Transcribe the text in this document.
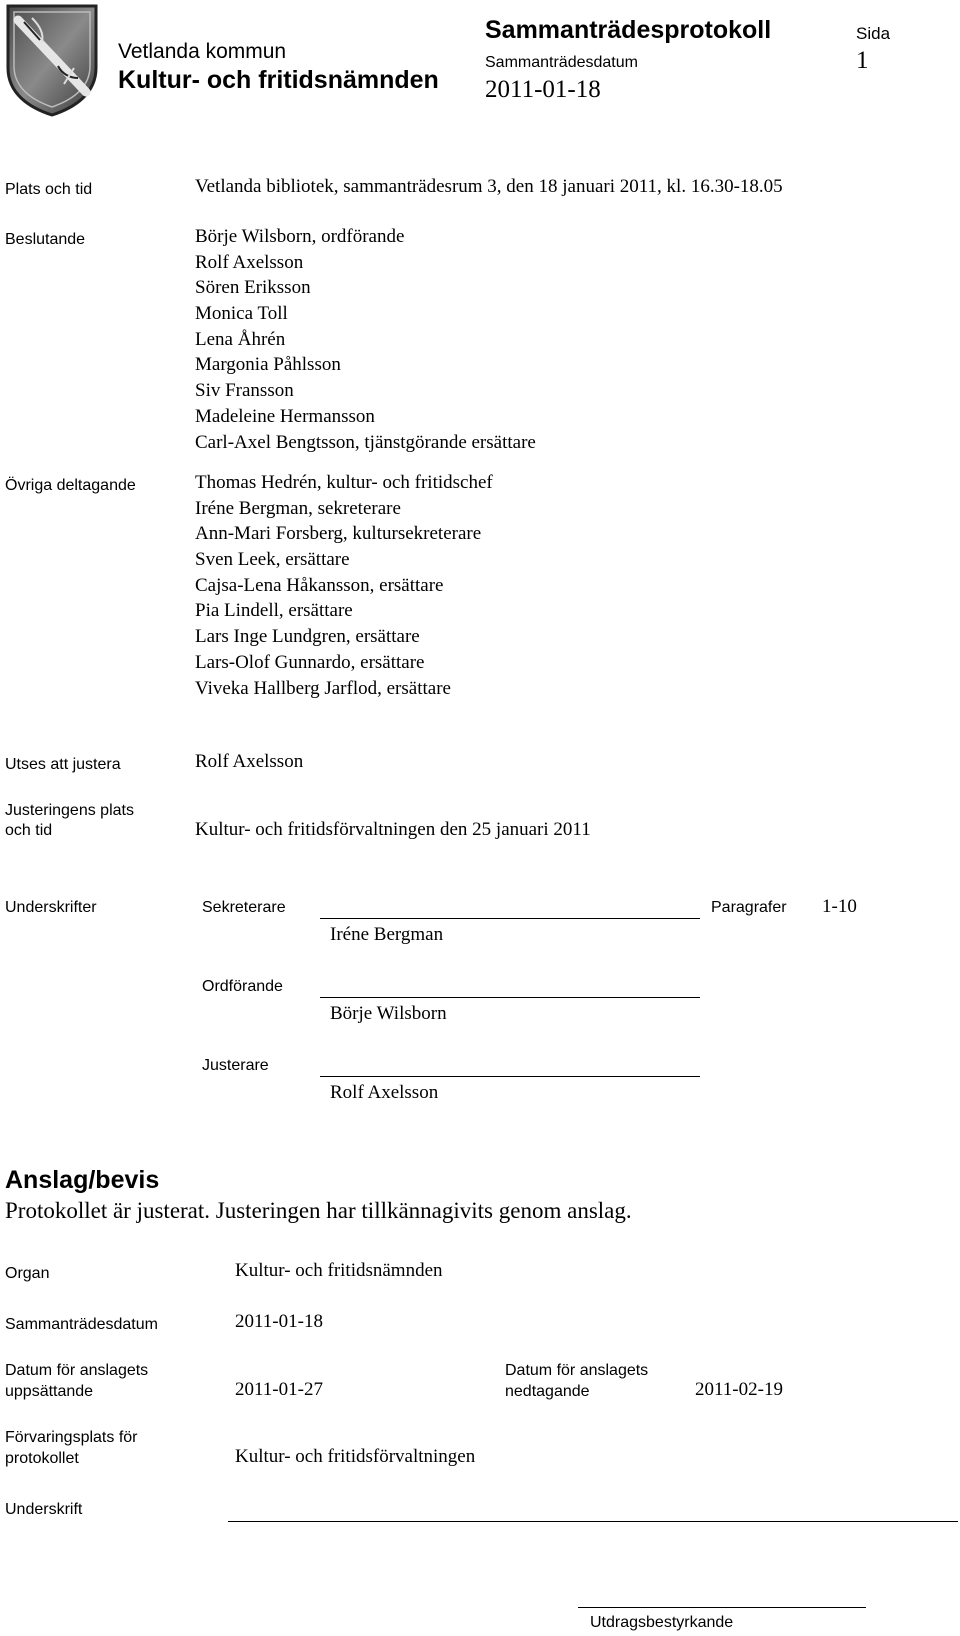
Vetlanda kommun
Kultur- och fritidsnämnden
Sammanträdesprotokoll
Sammanträdesdatum
2011-01-18
Sida
1
Plats och tid	Vetlanda bibliotek, sammanträdesrum 3, den 18 januari 2011, kl. 16.30-18.05
Beslutande	Börje Wilsborn, ordförande
Rolf Axelsson
Sören Eriksson
Monica Toll
Lena Åhrén
Margonia Påhlsson
Siv Fransson
Madeleine Hermansson
Carl-Axel Bengtsson, tjänstgörande ersättare
Övriga deltagande	Thomas Hedrén, kultur- och fritidschef
Iréne Bergman, sekreterare
Ann-Mari Forsberg, kultursekreterare
Sven Leek, ersättare
Cajsa-Lena Håkansson, ersättare
Pia Lindell, ersättare
Lars Inge Lundgren, ersättare
Lars-Olof Gunnardo, ersättare
Viveka Hallberg Jarflod, ersättare
Utses att justera	Rolf Axelsson
Justeringens plats
och tid	Kultur- och fritidsförvaltningen den 25 januari 2011
Underskrifter	Sekreterare
Iréne Bergman
Paragrafer 1-10
Ordförande
Börje Wilsborn
Justerare
Rolf Axelsson
Anslag/bevis
Protokollet är justerat. Justeringen har tillkännagivits genom anslag.
Organ	Kultur- och fritidsnämnden
Sammanträdesdatum	2011-01-18
Datum för anslagets
uppsättande	2011-01-27
Datum för anslagets
nedtagande	2011-02-19
Förvaringsplats för
protokollet	Kultur- och fritidsförvaltningen
Underskrift
Utdragsbestyrkande
